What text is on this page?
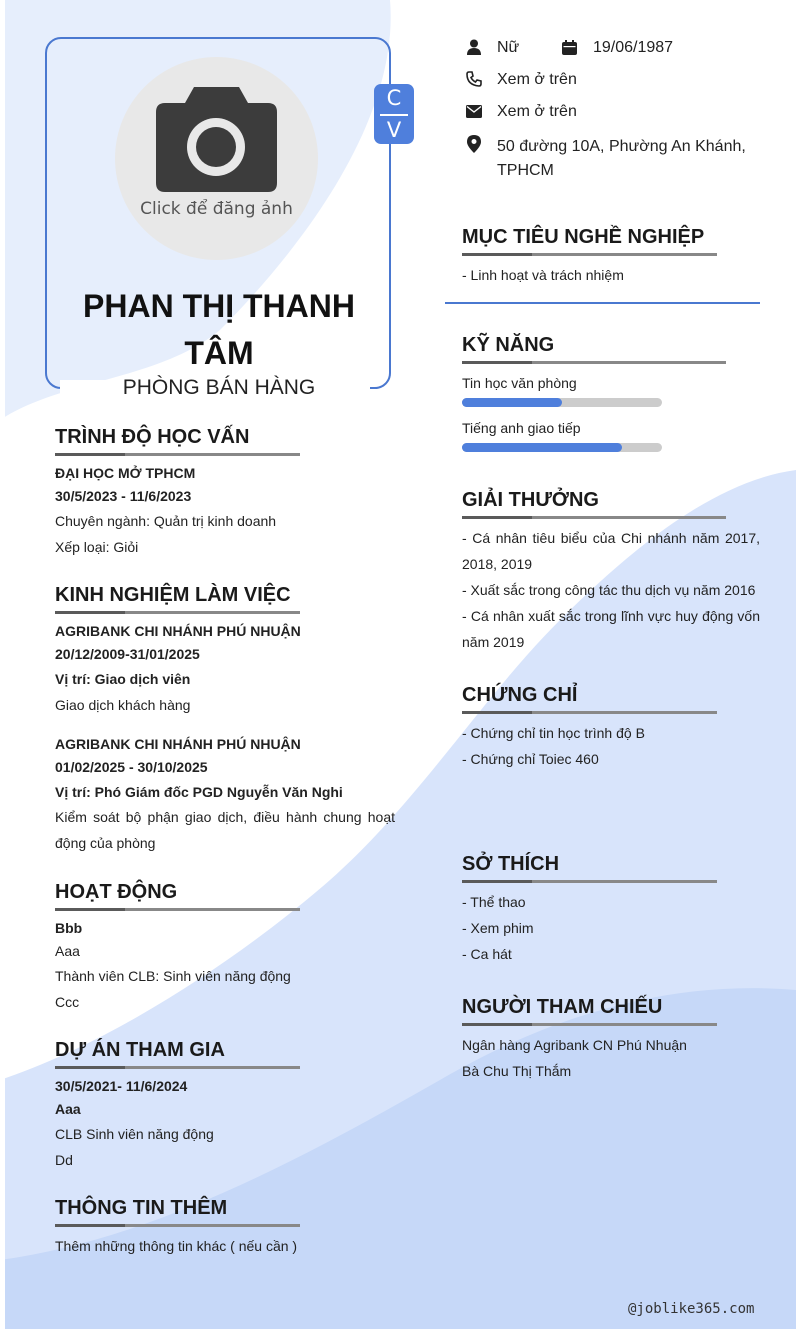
Click để đăng ảnh
C
V
PHAN THỊ THANH TÂM
PHÒNG BÁN HÀNG
Nữ	19/06/1987
Xem ở trên
Xem ở trên
50 đường 10A, Phường An Khánh, TPHCM
TRÌNH ĐỘ HỌC VẤN
ĐẠI HỌC MỞ TPHCM
30/5/2023 - 11/6/2023
Chuyên ngành: Quản trị kinh doanh
Xếp loại: Giỏi
KINH NGHIỆM LÀM VIỆC
AGRIBANK CHI NHÁNH PHÚ NHUẬN
20/12/2009-31/01/2025
Vị trí: Giao dịch viên
Giao dịch khách hàng
AGRIBANK CHI NHÁNH PHÚ NHUẬN
01/02/2025 - 30/10/2025
Vị trí: Phó Giám đốc PGD Nguyễn Văn Nghi
Kiểm soát bộ phận giao dịch, điều hành chung hoạt động của phòng
HOẠT ĐỘNG
Bbb
Aaa
Thành viên CLB: Sinh viên năng động
Ccc
DỰ ÁN THAM GIA
30/5/2021- 11/6/2024
Aaa
CLB Sinh viên năng động
Dd
THÔNG TIN THÊM
Thêm những thông tin khác ( nếu cần )
MỤC TIÊU NGHỀ NGHIỆP
- Linh hoạt và trách nhiệm
KỸ NĂNG
Tin học văn phòng
Tiếng anh giao tiếp
GIẢI THƯỞNG
- Cá nhân tiêu biểu của Chi nhánh năm 2017, 2018, 2019
- Xuất sắc trong công tác thu dịch vụ năm 2016
- Cá nhân xuất sắc trong lĩnh vực huy động vốn năm 2019
CHỨNG CHỈ
- Chứng chỉ tin học trình độ B
- Chứng chỉ Toiec 460
SỞ THÍCH
- Thể thao
- Xem phim
- Ca hát
NGƯỜI THAM CHIẾU
Ngân hàng Agribank CN Phú Nhuận
Bà Chu Thị Thắm
@joblike365.com
